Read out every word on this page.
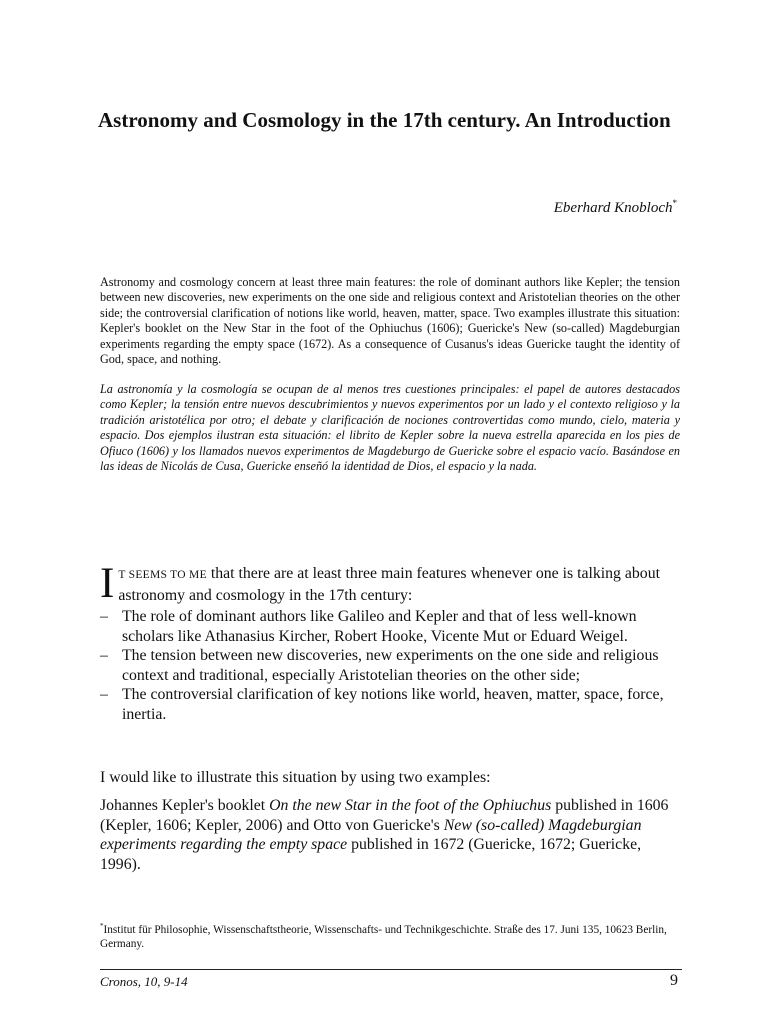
Astronomy and Cosmology in the 17th century. An Introduction

Eberhard Knobloch*

Astronomy and cosmology concern at least three main features: the role of dominant authors like Kepler; the tension between new discoveries, new experiments on the one side and religious context and Aristotelian theories on the other side; the controversial clarification of notions like world, heaven, matter, space. Two examples illustrate this situation: Kepler's booklet on the New Star in the foot of the Ophiuchus (1606); Guericke's New (so-called) Magdeburgian experiments regarding the empty space (1672). As a consequence of Cusanus's ideas Guericke taught the identity of God, space, and nothing.

La astronomía y la cosmología se ocupan de al menos tres cuestiones principales: el papel de autores destacados como Kepler; la tensión entre nuevos descubrimientos y nuevos experimentos por un lado y el contexto religioso y la tradición aristotélica por otro; el debate y clarificación de nociones controvertidas como mundo, cielo, materia y espacio. Dos ejemplos ilustran esta situación: el librito de Kepler sobre la nueva estrella aparecida en los pies de Ofiuco (1606) y los llamados nuevos experimentos de Magdeburgo de Guericke sobre el espacio vacío. Basándose en las ideas de Nicolás de Cusa, Guericke enseñó la identidad de Dios, el espacio y la nada.

I T SEEMS TO ME that there are at least three main features whenever one is talking about astronomy and cosmology in the 17th century:

– The role of dominant authors like Galileo and Kepler and that of less well-known scholars like Athanasius Kircher, Robert Hooke, Vicente Mut or Eduard Weigel.
– The tension between new discoveries, new experiments on the one side and religious context and traditional, especially Aristotelian theories on the other side;
– The controversial clarification of key notions like world, heaven, matter, space, force, inertia.

I would like to illustrate this situation by using two examples:

Johannes Kepler's booklet On the new Star in the foot of the Ophiuchus published in 1606 (Kepler, 1606; Kepler, 2006) and Otto von Guericke's New (so-called) Magdeburgian experiments regarding the empty space published in 1672 (Guericke, 1672; Guericke, 1996).

*Institut für Philosophie, Wissenschaftstheorie, Wissenschafts- und Technikgeschichte. Straße des 17. Juni 135, 10623 Berlin, Germany.

Cronos, 10, 9-14	9
